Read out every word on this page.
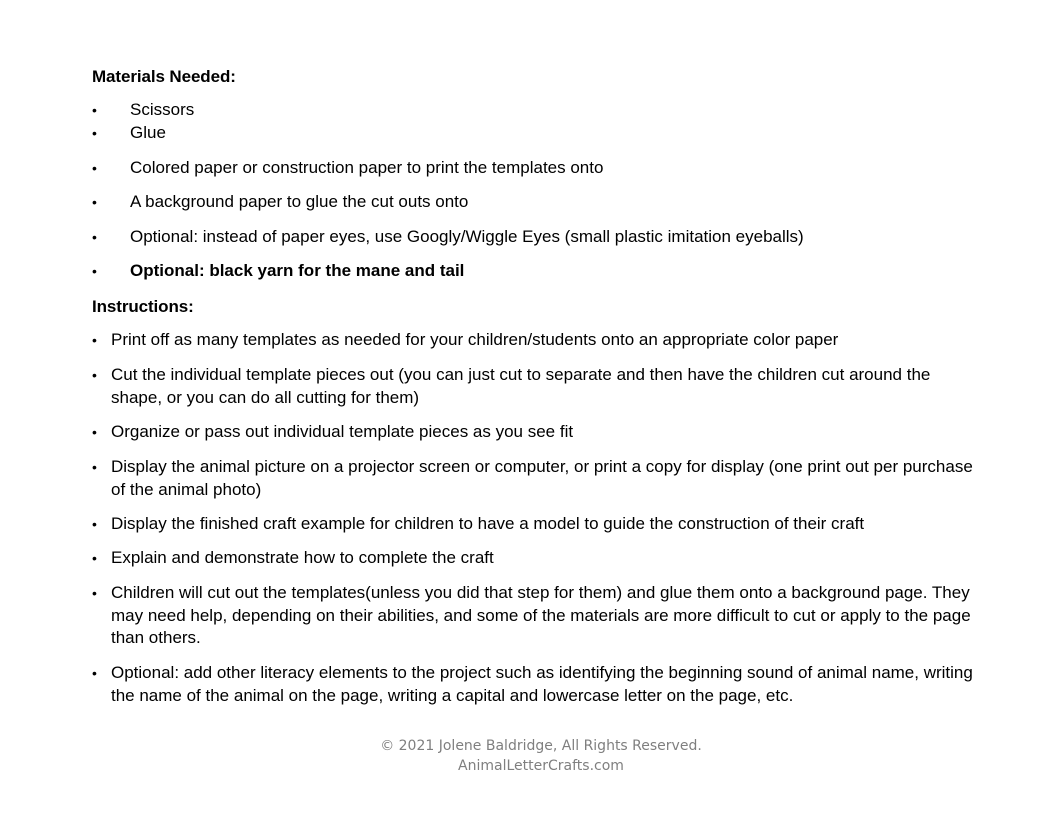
Materials Needed:
• Scissors
• Glue
• Colored paper or construction paper to print the templates onto
• A background paper to glue the cut outs onto
• Optional: instead of paper eyes, use Googly/Wiggle Eyes (small plastic imitation eyeballs)
• Optional: black yarn for the mane and tail
Instructions:
• Print off as many templates as needed for your children/students onto an appropriate color paper
• Cut the individual template pieces out (you can just cut to separate and then have the children cut around the shape, or you can do all cutting for them)
• Organize or pass out individual template pieces as you see fit
• Display the animal picture on a projector screen or computer, or print a copy for display (one print out per purchase of the animal photo)
• Display the finished craft example for children to have a model to guide the construction of their craft
• Explain and demonstrate how to complete the craft
• Children will cut out the templates(unless you did that step for them) and glue them onto a background page. They may need help, depending on their abilities, and some of the materials are more difficult to cut or apply to the page than others.
• Optional: add other literacy elements to the project such as identifying the beginning sound of animal name, writing the name of the animal on the page, writing a capital and lowercase letter on the page, etc.
© 2021 Jolene Baldridge, All Rights Reserved.
AnimalLetterCrafts.com
